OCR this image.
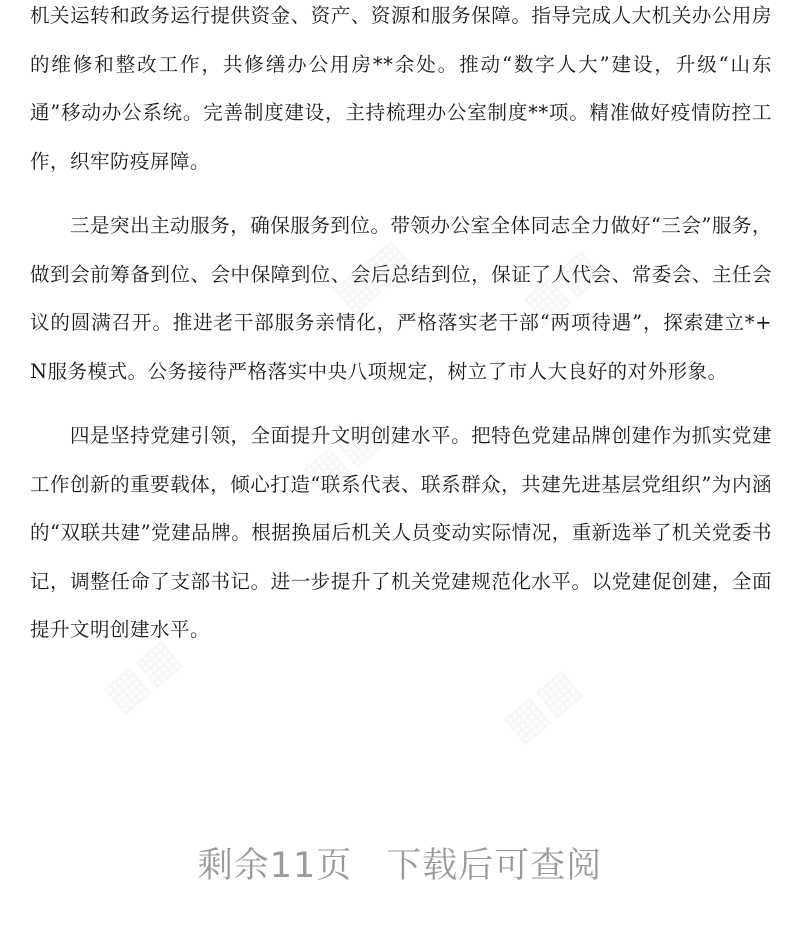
机关运转和政务运行提供资金、资产、资源和服务保障。指导完成人大机关办公用房的维修和整改工作，共修缮办公用房**余处。推动“数字人大”建设，升级“山东通”移动办公系统。完善制度建设，主持梳理办公室制度**项。精准做好疫情防控工作，织牢防疫屏障。

三是突出主动服务，确保服务到位。带领办公室全体同志全力做好“三会”服务，做到会前筹备到位、会中保障到位、会后总结到位，保证了人代会、常委会、主任会议的圆满召开。推进老干部服务亲情化，严格落实老干部“两项待遇”，探索建立*+N服务模式。公务接待严格落实中央八项规定，树立了市人大良好的对外形象。

四是坚持党建引领，全面提升文明创建水平。把特色党建品牌创建作为抓实党建工作创新的重要载体，倾心打造“联系代表、联系群众，共建先进基层党组织”为内涵的“双联共建”党建品牌。根据换届后机关人员变动实际情况，重新选举了机关党委书记，调整任命了支部书记。进一步提升了机关党建规范化水平。以党建促创建，全面提升文明创建水平。

▦▦ ▦▦
▦▦
▦▦	▦▦
剩余11页 下载后可查阅
